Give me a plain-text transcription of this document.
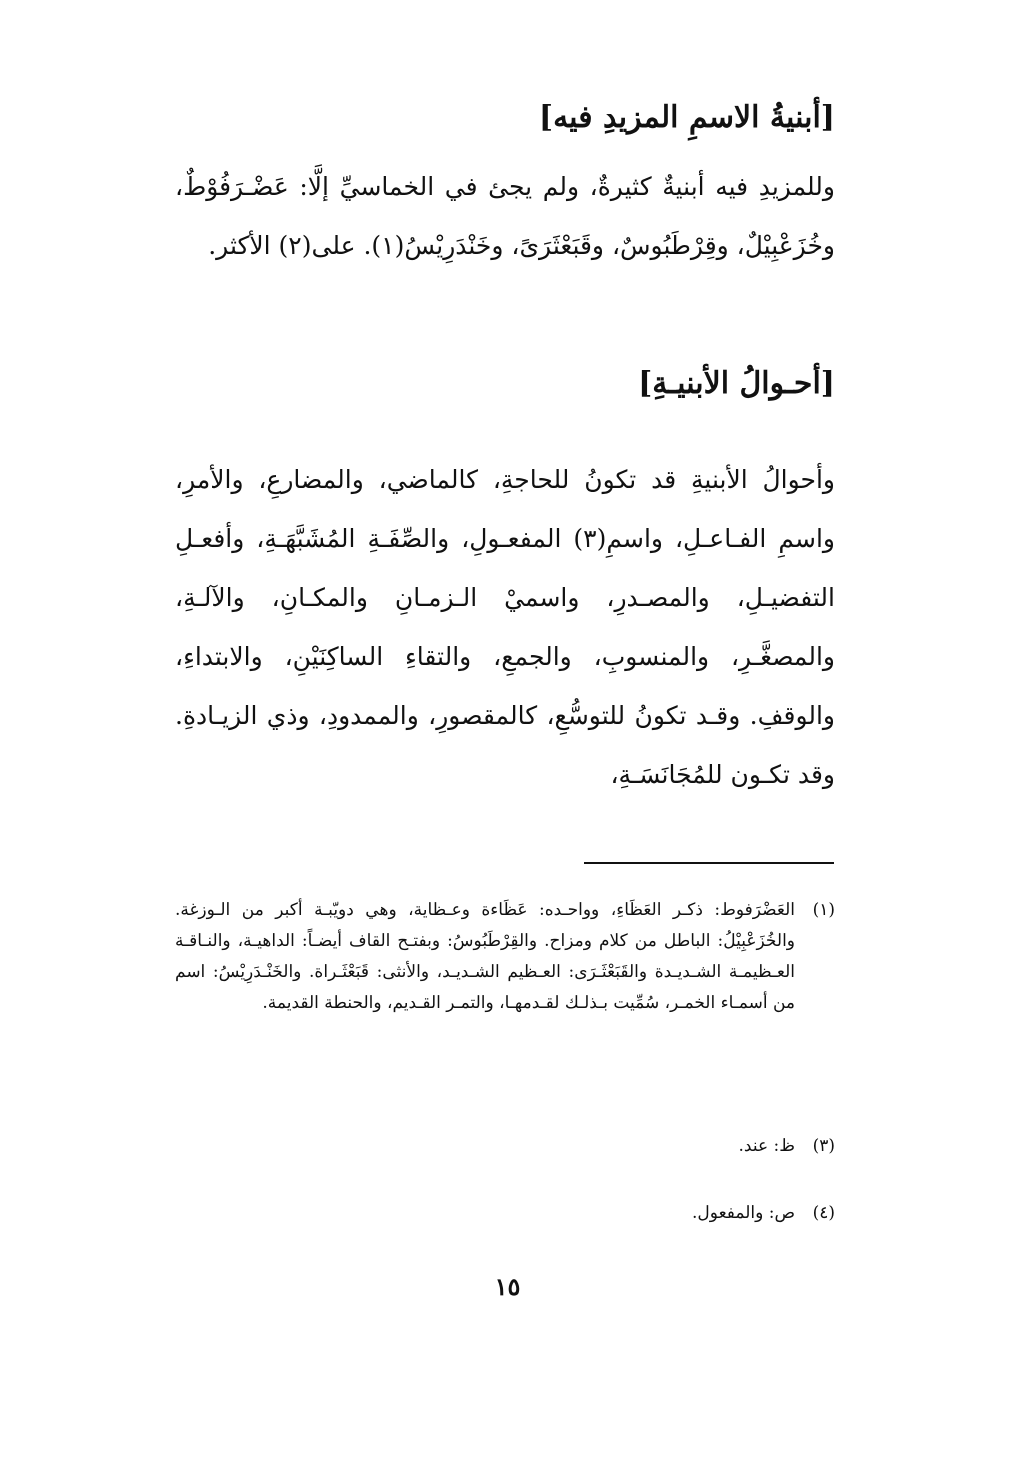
[أبنيةُ الاسمِ المزيدِ فيه]

وللمزيدِ فيه أبنيةٌ كثيرةٌ، ولم يجئ في الخماسيِّ إلَّا: عَضْـرَفُوْطٌ، وخُزَعْبِيْلٌ، وقِرْطَبُوسٌ، وقَبَعْثَرَىً، وخَنْدَرِيْسُ(١). على(٢) الأكثر.

[أحـوالُ الأبنيـةِ]

وأحوالُ الأبنيةِ قد تكونُ للحاجةِ، كالماضي، والمضارعِ، والأمرِ، واسمِ الفـاعـلِ، واسمِ(٣) المفعـولِ، والصِّفَـةِ المُشَبَّهَـةِ، وأفعـلِ التفضيـلِ، والمصـدرِ، واسميْ الـزمـانِ والمكـانِ، والآلـةِ، والمصغَّـرِ، والمنسوبِ، والجمعِ، والتقاءِ الساكِنَيْنِ، والابتداءِ، والوقفِ. وقـد تكونُ للتوسُّعِ، كالمقصورِ، والممدودِ، وذي الزيـادةِ. وقد تكـون للمُجَانَسَـةِ،

(١)
العَضْرَفوط: ذكـر العَظَاءِ، وواحـده: عَظَاءة وعـظاية، وهي دويّبـة أكبر من الـوزغة. والخُزَعْبِيْلُ: الباطل من كلام ومزاح. والقِرْطَبُوسُ: وبفتـح القاف أيضـاً: الداهيـة، والنـاقـة العـظيمـة الشـديـدة والقَبَعْثَـرَى: العـظيم الشـديـد، والأنثى: قَبَعْثَـراة. والخَنْـدَرِيْسُ: اسم من أسمـاء الخمـر، سُمِّيت بـذلـك لقـدمهـا، والتمـر القـديم، والحنطة القديمة.
(٣)
ظ: عند.
(٤)
ص: والمفعول.
١٥
